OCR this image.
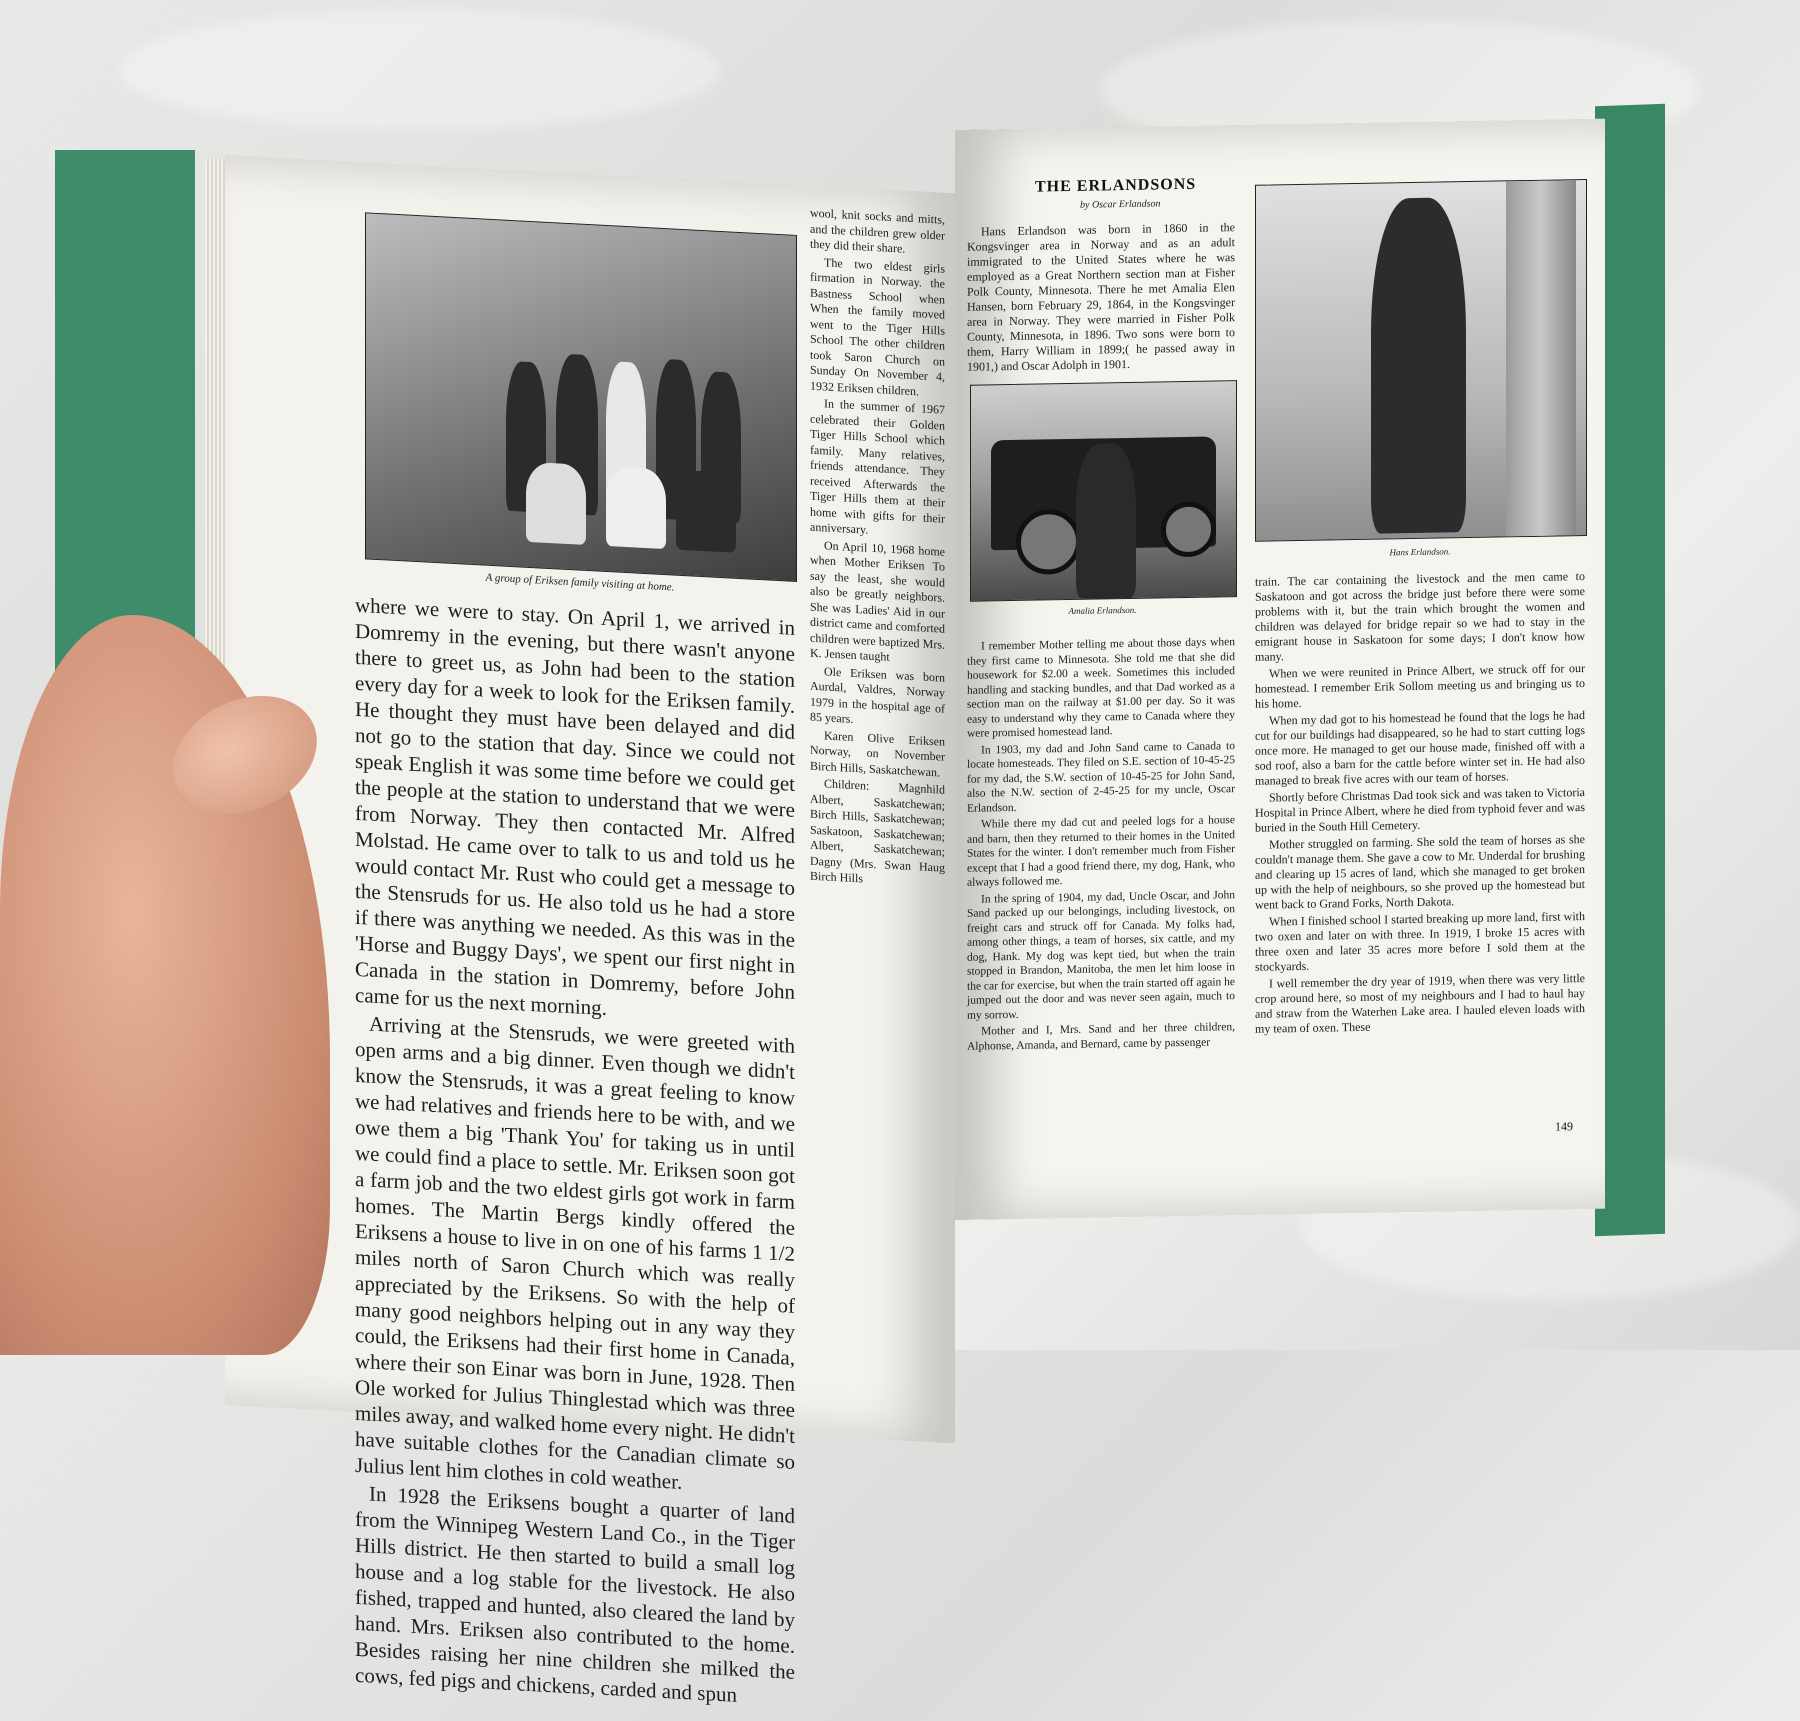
A group of Eriksen family visiting at home.

where we were to stay. On April 1, we arrived in Domremy in the evening, but there wasn't anyone there to greet us, as John had been to the station every day for a week to look for the Eriksen family. He thought they must have been delayed and did not go to the station that day. Since we could not speak English it was some time before we could get the people at the station to understand that we were from Norway. They then contacted Mr. Alfred Molstad. He came over to talk to us and told us he would contact Mr. Rust who could get a message to the Stensruds for us. He also told us he had a store if there was anything we needed. As this was in the 'Horse and Buggy Days', we spent our first night in Canada in the station in Domremy, before John came for us the next morning.

Arriving at the Stensruds, we were greeted with open arms and a big dinner. Even though we didn't know the Stensruds, it was a great feeling to know we had relatives and friends here to be with, and we owe them a big 'Thank You' for taking us in until we could find a place to settle. Mr. Eriksen soon got a farm job and the two eldest girls got work in farm homes. The Martin Bergs kindly offered the Eriksens a house to live in on one of his farms 1 1/2 miles north of Saron Church which was really appreciated by the Eriksens. So with the help of many good neighbors helping out in any way they could, the Eriksens had their first home in Canada, where their son Einar was born in June, 1928. Then Ole worked for Julius Thinglestad which was three miles away, and walked home every night. He didn't have suitable clothes for the Canadian climate so Julius lent him clothes in cold weather.

In 1928 the Eriksens bought a quarter of land from the Winnipeg Western Land Co., in the Tiger Hills district. He then started to build a small log house and a log stable for the livestock. He also fished, trapped and hunted, also cleared the land by hand. Mrs. Eriksen also contributed to the home. Besides raising her nine children she milked the cows, fed pigs and chickens, carded and spun

wool, knit socks and mitts, and the children grew older they did their share.

The two eldest girls firmation in Norway. the Bastness School when When the family moved went to the Tiger Hills School The other children took Saron Church on Sunday On November 4, 1932 Eriksen children.

In the summer of 1967 celebrated their Golden Tiger Hills School which family. Many relatives, friends attendance. They received Afterwards the Tiger Hills them at their home with gifts for their anniversary.

On April 10, 1968 home when Mother Eriksen To say the least, she would also be greatly neighbors. She was Ladies' Aid in our district came and comforted children were baptized Mrs. K. Jensen taught

Ole Eriksen was born Aurdal, Valdres, Norway 1979 in the hospital age of 85 years.

Karen Olive Eriksen Norway, on November Birch Hills, Saskatchewan.

Children: Magnhild Albert, Saskatchewan; Birch Hills, Saskatchewan; Saskatoon, Saskatchewan; Albert, Saskatchewan; Dagny (Mrs. Swan Haug Birch Hills

THE ERLANDSONS
by Oscar Erlandson

Hans Erlandson was born in 1860 in the Kongsvinger area in Norway and as an adult immigrated to the United States where he was employed as a Great Northern section man at Fisher Polk County, Minnesota. There he met Amalia Elen Hansen, born February 29, 1864, in the Kongsvinger area in Norway. They were married in Fisher Polk County, Minnesota, in 1896. Two sons were born to them, Harry William in 1899;( he passed away in 1901,) and Oscar Adolph in 1901.

Amalia Erlandson.
Hans Erlandson.

I remember Mother telling me about those days when they first came to Minnesota. She told me that she did housework for $2.00 a week. Sometimes this included handling and stacking bundles, and that Dad worked as a section man on the railway at $1.00 per day. So it was easy to understand why they came to Canada where they were promised homestead land.

In 1903, my dad and John Sand came to Canada to locate homesteads. They filed on S.E. section of 10-45-25 for my dad, the S.W. section of 10-45-25 for John Sand, also the N.W. section of 2-45-25 for my uncle, Oscar Erlandson.

While there my dad cut and peeled logs for a house and barn, then they returned to their homes in the United States for the winter. I don't remember much from Fisher except that I had a good friend there, my dog, Hank, who always followed me.

In the spring of 1904, my dad, Uncle Oscar, and John Sand packed up our belongings, including livestock, on freight cars and struck off for Canada. My folks had, among other things, a team of horses, six cattle, and my dog, Hank. My dog was kept tied, but when the train stopped in Brandon, Manitoba, the men let him loose in the car for exercise, but when the train started off again he jumped out the door and was never seen again, much to my sorrow.

Mother and I, Mrs. Sand and her three children, Alphonse, Amanda, and Bernard, came by passenger

train. The car containing the livestock and the men came to Saskatoon and got across the bridge just before there were some problems with it, but the train which brought the women and children was delayed for bridge repair so we had to stay in the emigrant house in Saskatoon for some days; I don't know how many.

When we were reunited in Prince Albert, we struck off for our homestead. I remember Erik Sollom meeting us and bringing us to his home.

When my dad got to his homestead he found that the logs he had cut for our buildings had disappeared, so he had to start cutting logs once more. He managed to get our house made, finished off with a sod roof, also a barn for the cattle before winter set in. He had also managed to break five acres with our team of horses.

Shortly before Christmas Dad took sick and was taken to Victoria Hospital in Prince Albert, where he died from typhoid fever and was buried in the South Hill Cemetery.

Mother struggled on farming. She sold the team of horses as she couldn't manage them. She gave a cow to Mr. Underdal for brushing and clearing up 15 acres of land, which she managed to get broken up with the help of neighbours, so she proved up the homestead but went back to Grand Forks, North Dakota.

When I finished school I started breaking up more land, first with two oxen and later on with three. In 1919, I broke 15 acres with three oxen and later 35 acres more before I sold them at the stockyards.

I well remember the dry year of 1919, when there was very little crop around here, so most of my neighbours and I had to haul hay and straw from the Waterhen Lake area. I hauled eleven loads with my team of oxen. These

149
